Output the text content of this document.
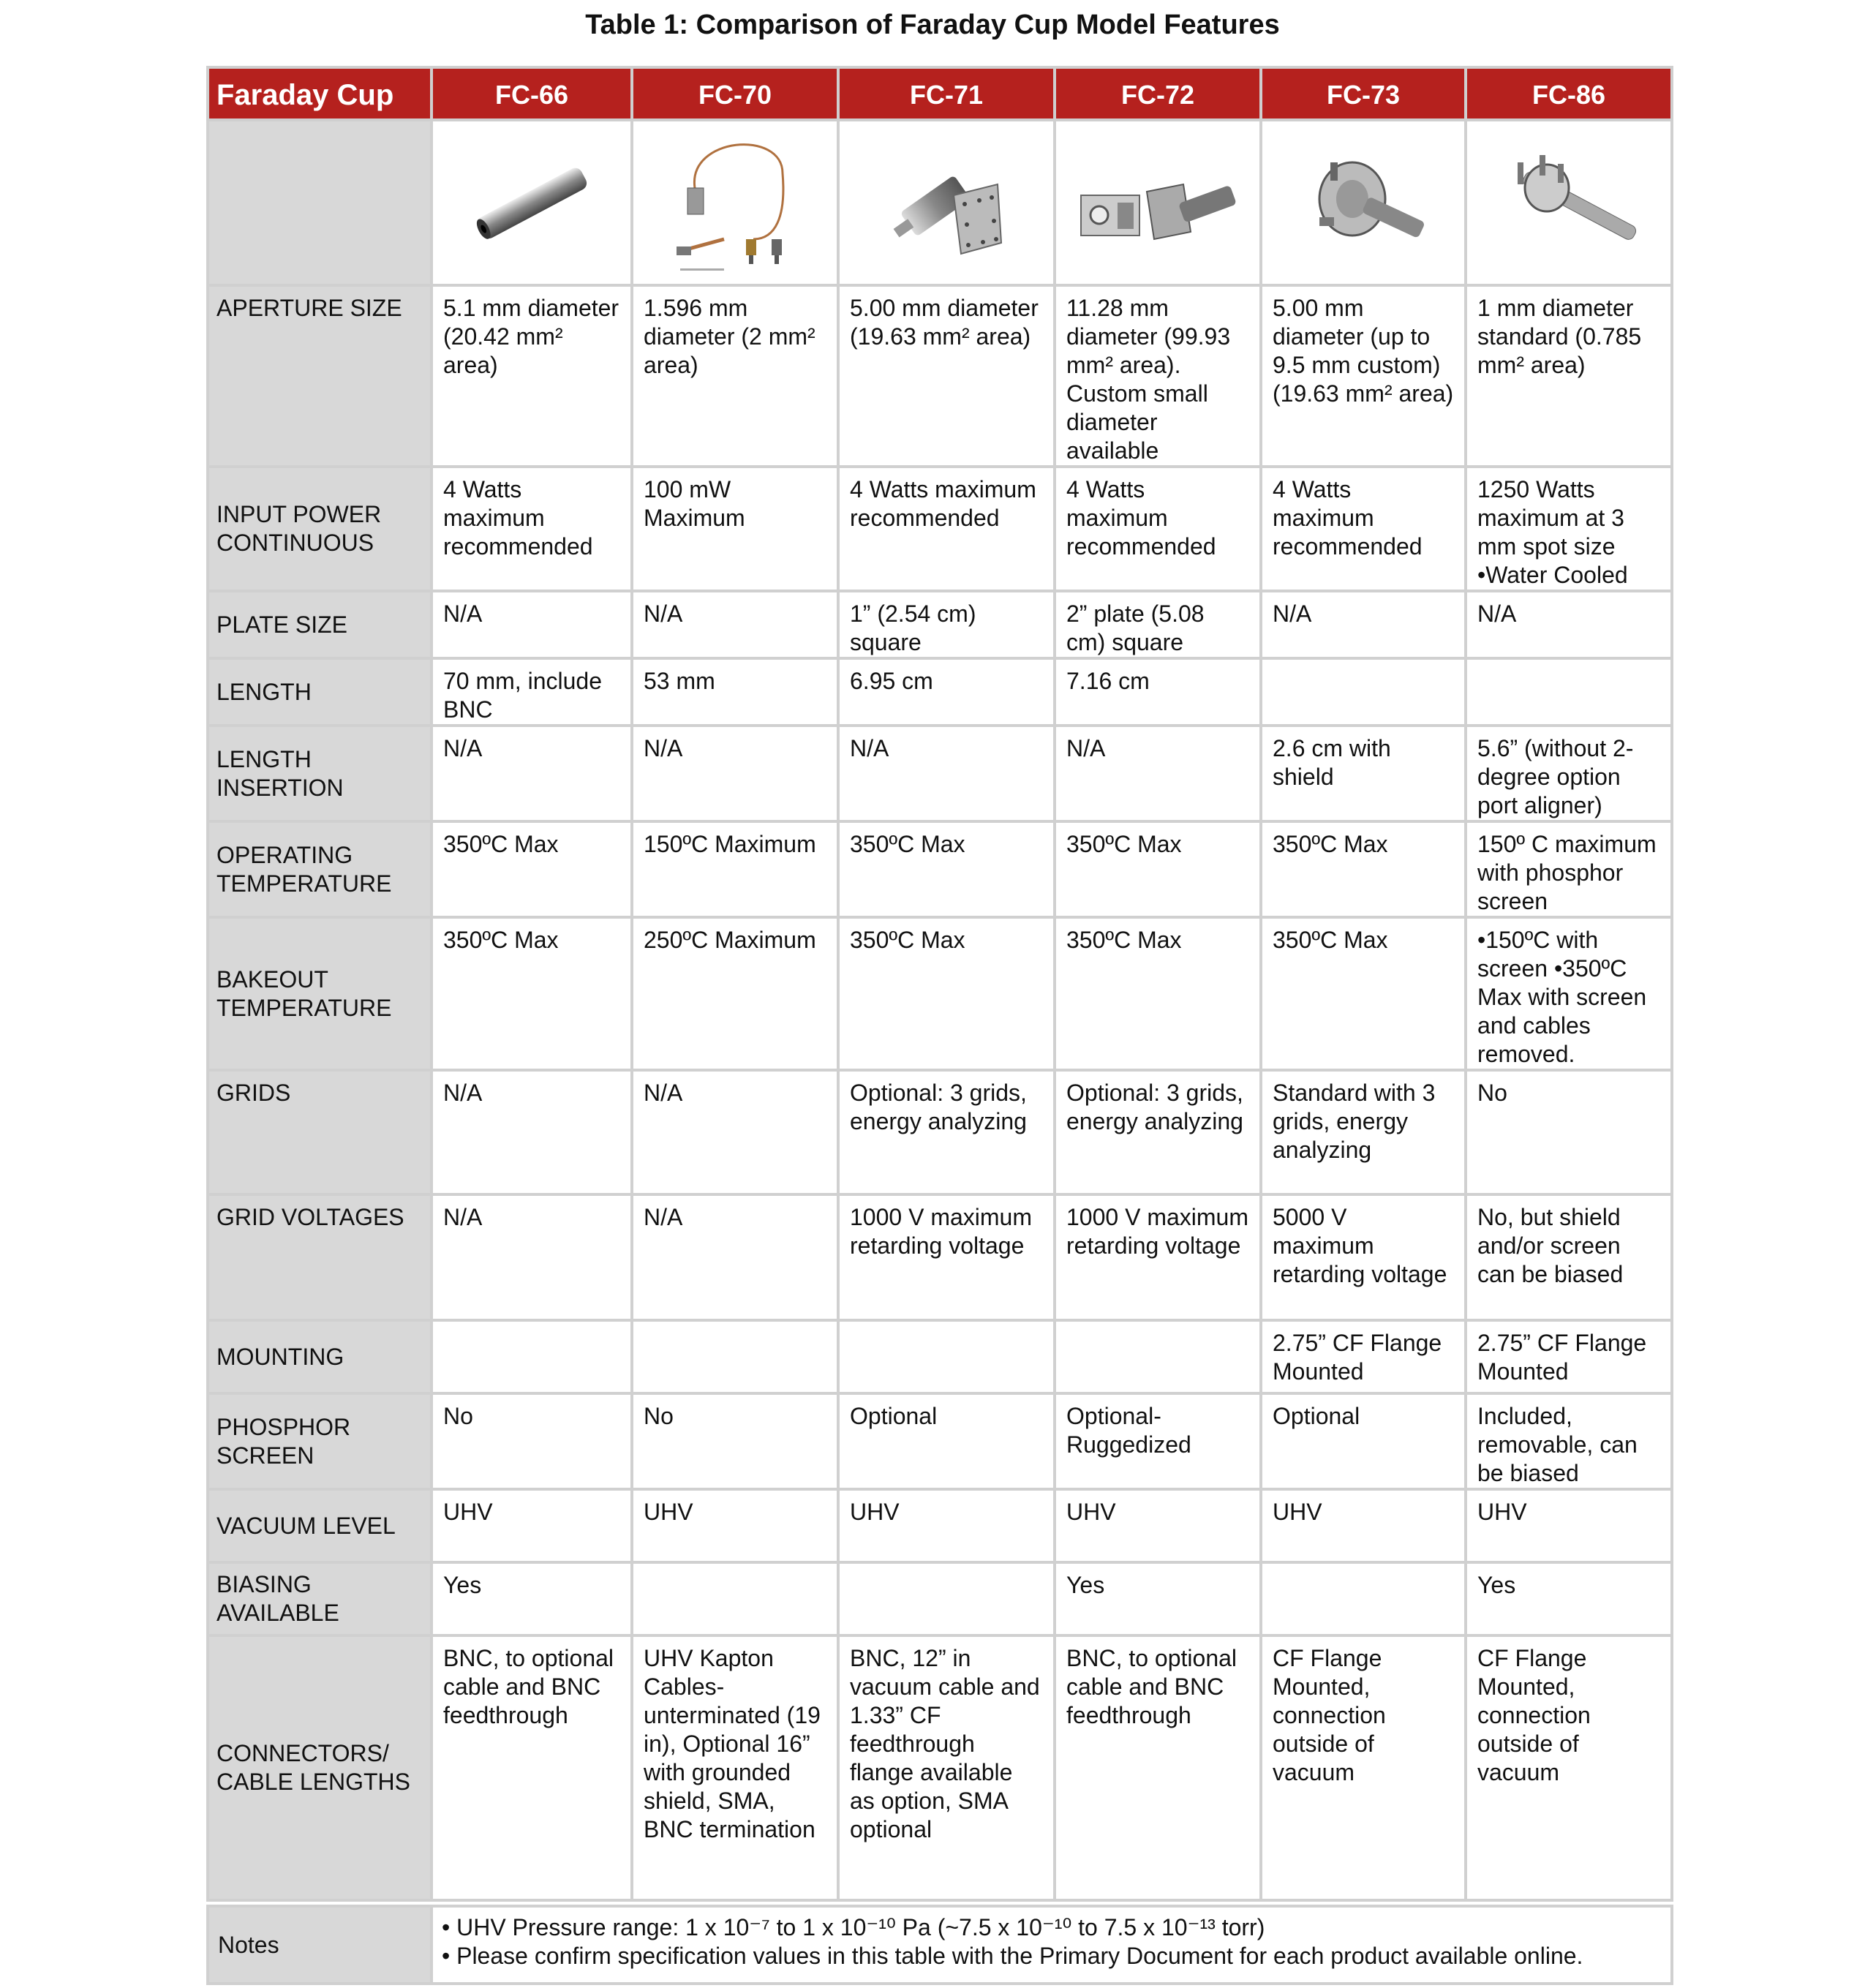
Table 1: Comparison of Faraday Cup Model Features
Faraday Cup	FC-66	FC-70	FC-71	FC-72	FC-73	FC-86

APERTURE SIZE	5.1 mm diameter (20.42 mm² area)	1.596 mm diameter (2 mm² area)	5.00 mm diameter (19.63 mm² area)	11.28 mm diameter (99.93 mm² area). Custom small diameter available	5.00 mm diameter (up to 9.5 mm custom) (19.63 mm² area)	1 mm diameter standard (0.785 mm² area)
INPUT POWER CONTINUOUS	4 Watts maximum recommended	100 mW Maximum	4 Watts maximum recommended	4 Watts maximum recommended	4 Watts maximum recommended	1250 Watts maximum at 3 mm spot size •Water Cooled
PLATE SIZE	N/A	N/A	1” (2.54 cm) square	2” plate (5.08 cm) square	N/A	N/A
LENGTH	70 mm, include BNC	53 mm	6.95 cm	7.16 cm		
LENGTH INSERTION	N/A	N/A	N/A	N/A	2.6 cm with shield	5.6” (without 2-degree option port aligner)
OPERATING TEMPERATURE	350ºC Max	150ºC Maximum	350ºC Max	350ºC Max	350ºC Max	150º C maximum with phosphor screen
BAKEOUT TEMPERATURE	350ºC Max	250ºC Maximum	350ºC Max	350ºC Max	350ºC Max	•150ºC with screen •350ºC Max with screen and cables removed.
GRIDS	N/A	N/A	Optional: 3 grids, energy analyzing	Optional: 3 grids, energy analyzing	Standard with 3 grids, energy analyzing	No
GRID VOLTAGES	N/A	N/A	1000 V maximum retarding voltage	1000 V maximum retarding voltage	5000 V maximum retarding voltage	No, but shield and/or screen can be biased
MOUNTING					2.75” CF Flange Mounted	2.75” CF Flange Mounted
PHOSPHOR SCREEN	No	No	Optional	Optional-Ruggedized	Optional	Included, removable, can be biased
VACUUM LEVEL	UHV	UHV	UHV	UHV	UHV	UHV
BIASING AVAILABLE	Yes			Yes		Yes
CONNECTORS/ CABLE LENGTHS	BNC, to optional cable and BNC feedthrough	UHV Kapton Cables-unterminated (19 in), Optional 16” with grounded shield, SMA, BNC termination	BNC, 12” in vacuum cable and 1.33” CF feedthrough flange available as option, SMA optional	BNC, to optional cable and BNC feedthrough	CF Flange Mounted, connection outside of vacuum	CF Flange Mounted, connection outside of vacuum
Notes	
• UHV Pressure range: 1 x 10⁻⁷ to 1 x 10⁻¹⁰ Pa (~7.5 x 10⁻¹⁰ to 7.5 x 10⁻¹³ torr)
• Please confirm specification values in this table with the Primary Document for each product available online.
